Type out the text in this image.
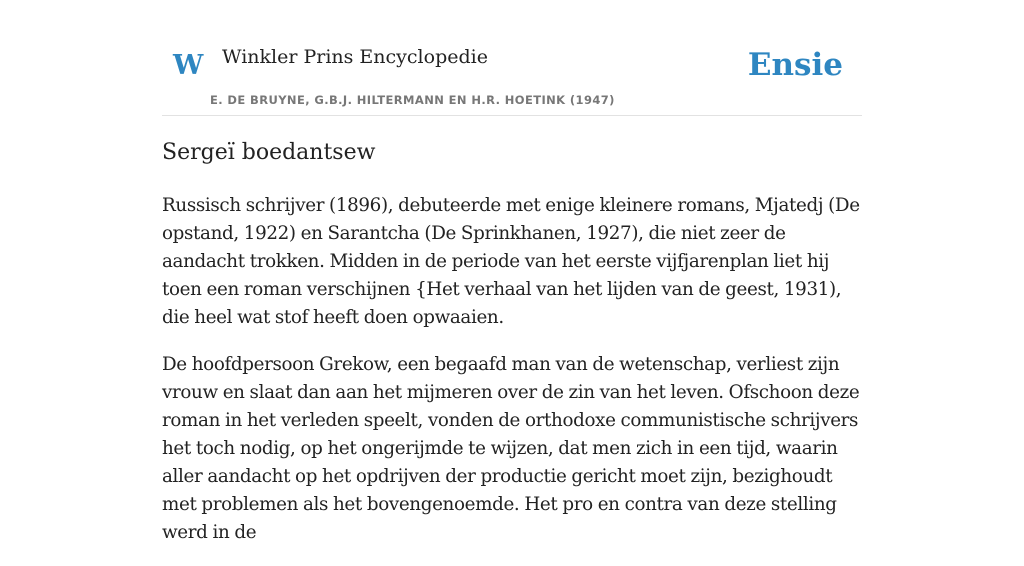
W Winkler Prins Encyclopedie
E. DE BRUYNE, G.B.J. HILTERMANN EN H.R. HOETINK (1947)
Ensie
Sergeï boedantsew

Russisch schrijver (1896), debuteerde met enige kleinere romans, Mjatedj (De opstand, 1922) en Sarantcha (De Sprinkhanen, 1927), die niet zeer de aandacht trokken. Midden in de periode van het eerste vijfjarenplan liet hij toen een roman verschijnen {Het verhaal van het lijden van de geest, 1931), die heel wat stof heeft doen opwaaien.

De hoofdpersoon Grekow, een begaafd man van de wetenschap, verliest zijn vrouw en slaat dan aan het mijmeren over de zin van het leven. Ofschoon deze roman in het verleden speelt, vonden de orthodoxe communistische schrijvers het toch nodig, op het ongerijmde te wijzen, dat men zich in een tijd, waarin aller aandacht op het opdrijven der productie gericht moet zijn, bezighoudt met problemen als het bovengenoemde. Het pro en contra van deze stelling werd in de
